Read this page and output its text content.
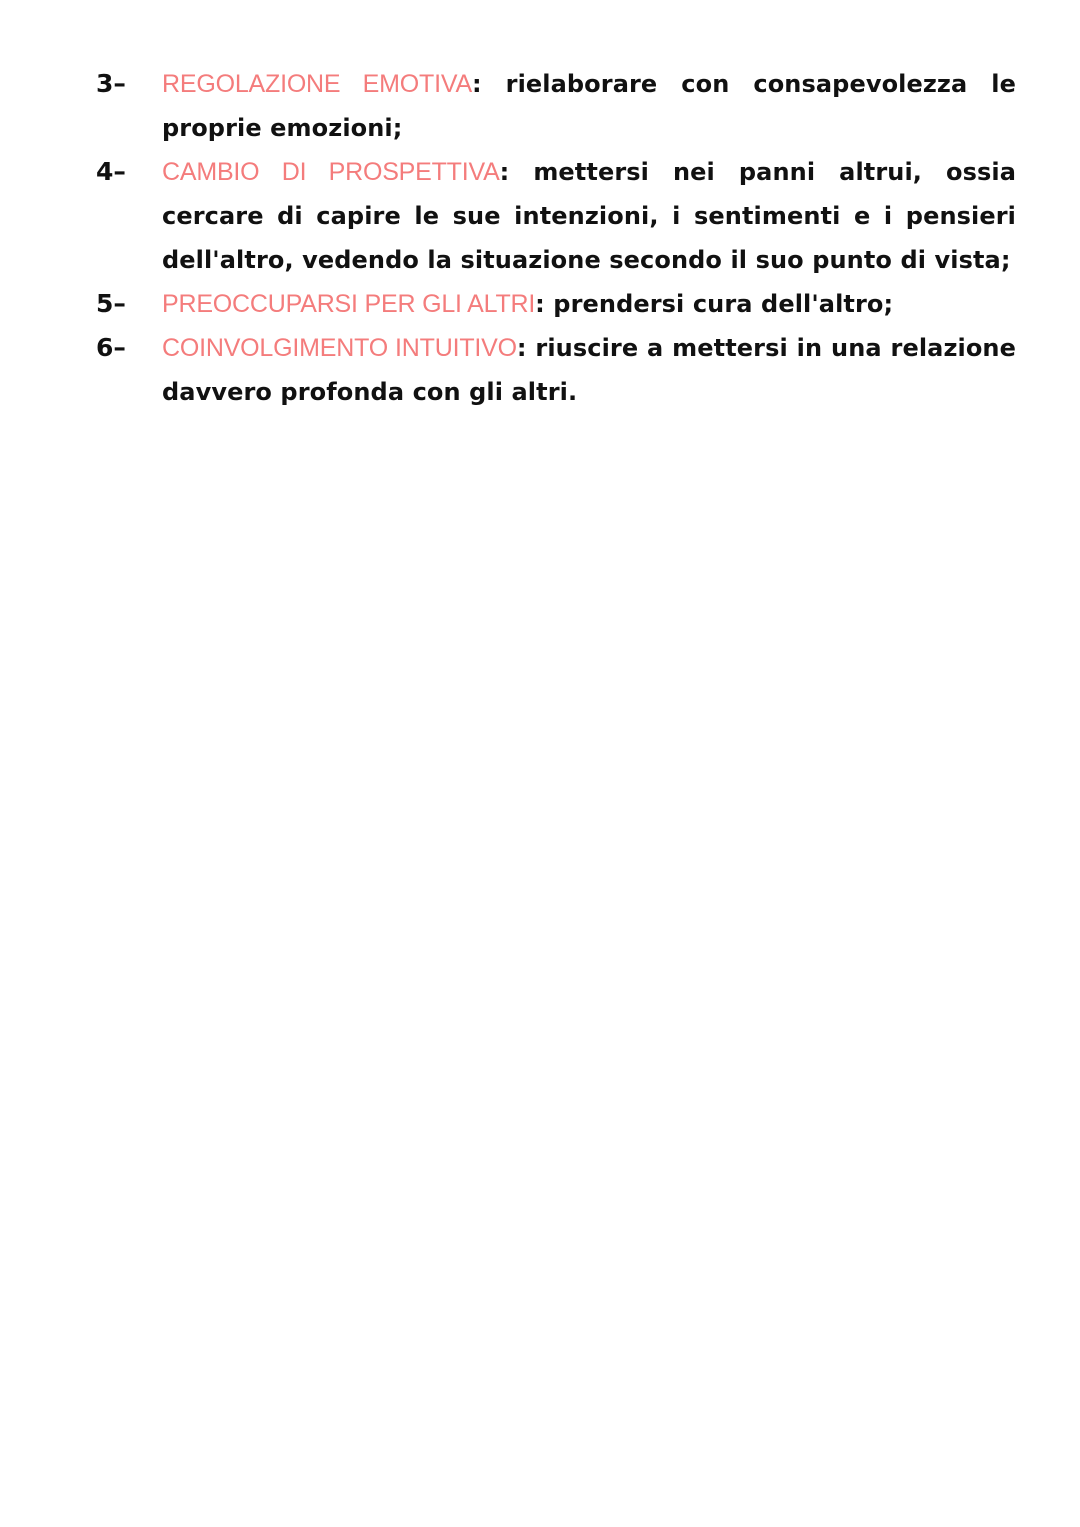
3–	REGOLAZIONE EMOTIVA: rielaborare con consapevolezza le proprie emozioni;
4–	CAMBIO DI PROSPETTIVA: mettersi nei panni altrui, ossia cercare di capire le sue intenzioni, i sentimenti e i pensieri dell'altro, vedendo la situazione secondo il suo punto di vista;
5–	PREOCCUPARSI PER GLI ALTRI: prendersi cura dell'altro;
6–	COINVOLGIMENTO INTUITIVO: riuscire a mettersi in una relazione davvero profonda con gli altri.
